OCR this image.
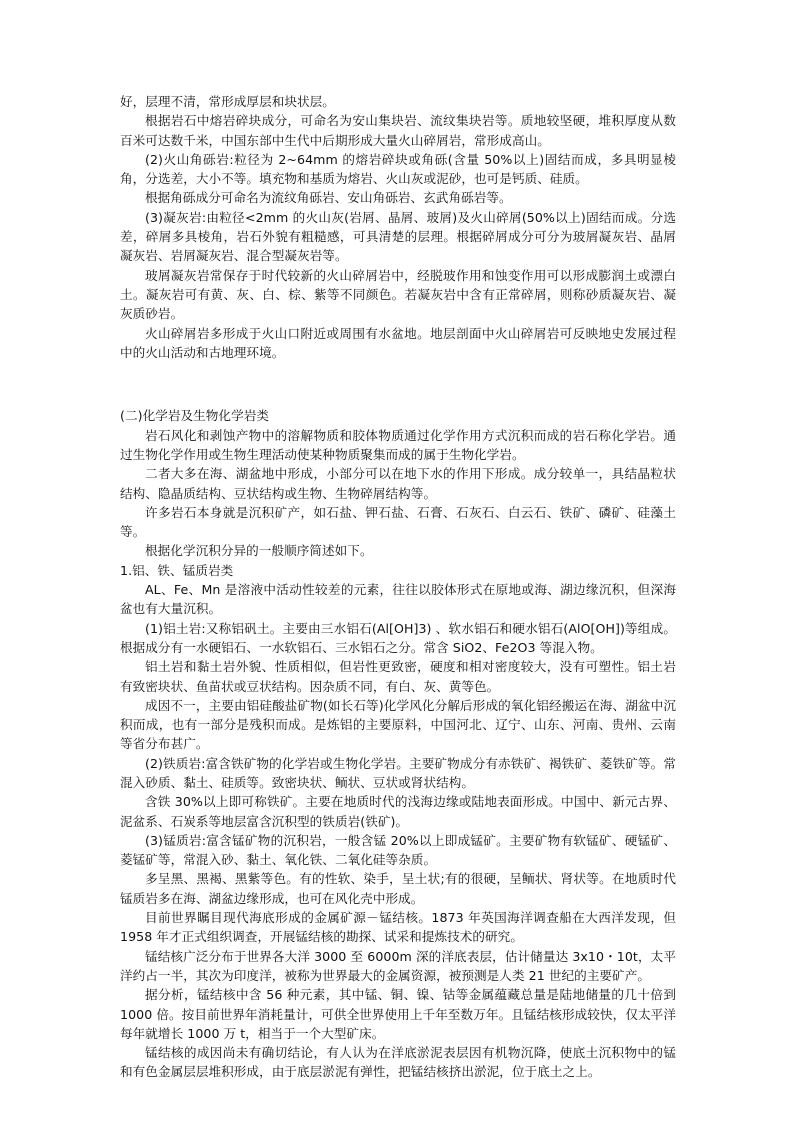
好，层理不清，常形成厚层和块状层。

根据岩石中熔岩碎块成分，可命名为安山集块岩、流纹集块岩等。质地较坚硬，堆积厚度从数百米可达数千米，中国东部中生代中后期形成大量火山碎屑岩，常形成高山。

(2)火山角砾岩:粒径为 2~64mm 的熔岩碎块或角砾(含量 50%以上)固结而成，多具明显棱角，分选差，大小不等。填充物和基质为熔岩、火山灰或泥砂，也可是钙质、硅质。

根据角砾成分可命名为流纹角砾岩、安山角砾岩、玄武角砾岩等。

(3)凝灰岩:由粒径<2mm 的火山灰(岩屑、晶屑、玻屑)及火山碎屑(50%以上)固结而成。分选差，碎屑多具棱角，岩石外貌有粗糙感，可具清楚的层理。根据碎屑成分可分为玻屑凝灰岩、晶屑凝灰岩、岩屑凝灰岩、混合型凝灰岩等。

玻屑凝灰岩常保存于时代较新的火山碎屑岩中，经脱玻作用和蚀变作用可以形成膨润土或漂白土。凝灰岩可有黄、灰、白、棕、紫等不同颜色。若凝灰岩中含有正常碎屑，则称砂质凝灰岩、凝灰质砂岩。

火山碎屑岩多形成于火山口附近或周围有水盆地。地层剖面中火山碎屑岩可反映地史发展过程中的火山活动和古地理环境。

(二)化学岩及生物化学岩类

岩石风化和剥蚀产物中的溶解物质和胶体物质通过化学作用方式沉积而成的岩石称化学岩。通过生物化学作用或生物生理活动使某种物质聚集而成的属于生物化学岩。

二者大多在海、湖盆地中形成，小部分可以在地下水的作用下形成。成分较单一，具结晶粒状结构、隐晶质结构、豆状结构或生物、生物碎屑结构等。

许多岩石本身就是沉积矿产，如石盐、钾石盐、石膏、石灰石、白云石、铁矿、磷矿、硅藻土等。

根据化学沉积分异的一般顺序简述如下。

1.铝、铁、锰质岩类

AL、Fe、Mn 是溶液中活动性较差的元素，往往以胶体形式在原地或海、湖边缘沉积，但深海盆也有大量沉积。

(1)铝土岩:又称铝矾土。主要由三水铝石(Al[OH]3) 、软水铝石和硬水铝石(AlO[OH])等组成。根据成分有一水硬铝石、一水软铝石、三水铝石之分。常含 SiO2、Fe2O3 等混入物。

铝土岩和黏土岩外貌、性质相似，但岩性更致密，硬度和相对密度较大，没有可塑性。铝土岩有致密块状、鱼苗状或豆状结构。因杂质不同，有白、灰、黄等色。

成因不一，主要由铝硅酸盐矿物(如长石等)化学风化分解后形成的氧化铝经搬运在海、湖盆中沉积而成，也有一部分是残积而成。是炼铝的主要原料，中国河北、辽宁、山东、河南、贵州、云南等省分布甚广。

(2)铁质岩:富含铁矿物的化学岩或生物化学岩。主要矿物成分有赤铁矿、褐铁矿、菱铁矿等。常混入砂质、黏土、硅质等。致密块状、鲕状、豆状或肾状结构。

含铁 30%以上即可称铁矿。主要在地质时代的浅海边缘或陆地表面形成。中国中、新元古界、泥盆系、石炭系等地层富含沉积型的铁质岩(铁矿)。

(3)锰质岩:富含锰矿物的沉积岩，一般含锰 20%以上即成锰矿。主要矿物有软锰矿、硬锰矿、菱锰矿等，常混入砂、黏土、氧化铁、二氧化硅等杂质。

多呈黑、黑褐、黑紫等色。有的性软、染手，呈土状;有的很硬，呈鲕状、肾状等。在地质时代锰质岩多在海、湖盆边缘形成，也可在风化壳中形成。

目前世界瞩目现代海底形成的金属矿源－锰结核。1873 年英国海洋调查船在大西洋发现，但 1958 年才正式组织调查，开展锰结核的勘探、试采和提炼技术的研究。

锰结核广泛分布于世界各大洋 3000 至 6000m 深的洋底表层，估计储量达 3x10・10t，太平洋约占一半，其次为印度洋，被称为世界最大的金属资源，被预测是人类 21 世纪的主要矿产。

据分析，锰结核中含 56 种元素，其中锰、铜、镍、钴等金属蕴藏总量是陆地储量的几十倍到 1000 倍。按目前世界年消耗量计，可供全世界使用上千年至数万年。且锰结核形成较快，仅太平洋每年就增长 1000 万 t，相当于一个大型矿床。

锰结核的成因尚未有确切结论，有人认为在洋底淤泥表层因有机物沉降，使底土沉积物中的锰和有色金属层层堆积形成，由于底层淤泥有弹性，把锰结核挤出淤泥，位于底土之上。
